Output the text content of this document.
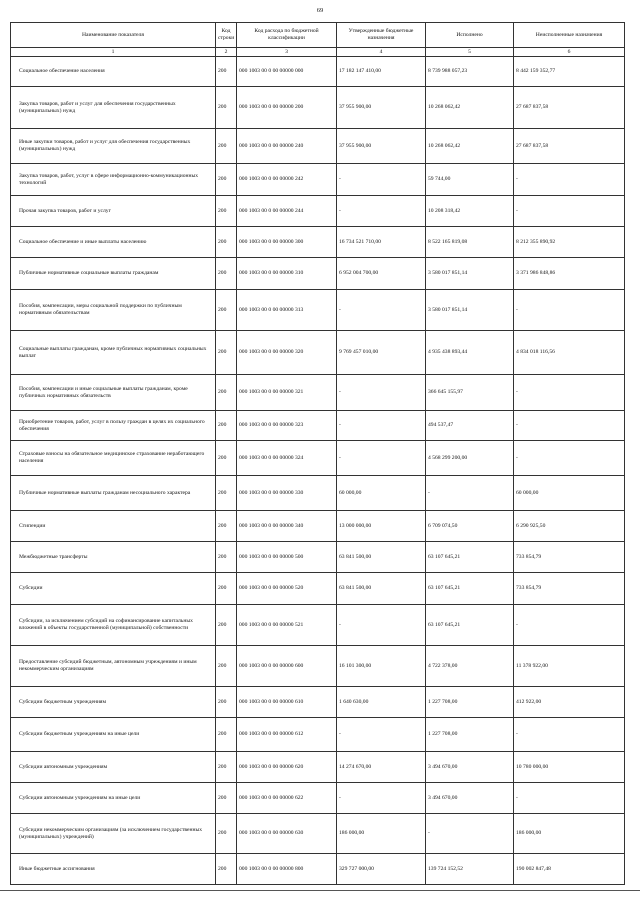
69
Наименование показателя	Код строки	Код расхода по бюджетной классификации	Утвержденные бюджетные назначения	Исполнено	Неисполненные назначения
1	2	3	4	5	6
Социальное обеспечение населения	200	000 1003 00 0 00 00000 000	17 182 147 410,00	8 739 988 057,23	8 442 159 352,77
Закупка товаров, работ и услуг для обеспечения государственных (муниципальных) нужд	200	000 1003 00 0 00 00000 200	37 955 900,00	10 268 062,42	27 687 837,58
Иные закупки товаров, работ и услуг для обеспечения государственных (муниципальных) нужд	200	000 1003 00 0 00 00000 240	37 955 900,00	10 268 062,42	27 687 837,58
Закупка товаров, работ, услуг в сфере информационно-коммуникационных технологий	200	000 1003 00 0 00 00000 242	-	59 744,00	-
Прочая закупка товаров, работ и услуг	200	000 1003 00 0 00 00000 244	-	10 208 318,42	-
Социальное обеспечение и иные выплаты населению	200	000 1003 00 0 00 00000 300	16 734 521 710,00	8 522 165 819,08	8 212 355 890,92
Публичные нормативные социальные выплаты гражданам	200	000 1003 00 0 00 00000 310	6 952 004 700,00	3 580 017 851,14	3 371 986 848,86
Пособия, компенсации, меры социальной поддержки по публичным нормативным обязательствам	200	000 1003 00 0 00 00000 313	-	3 580 017 851,14	-
Социальные выплаты гражданам, кроме публичных нормативных социальных выплат	200	000 1003 00 0 00 00000 320	9 769 457 010,00	4 935 438 893,44	4 834 018 116,56
Пособия, компенсации и иные социальные выплаты гражданам, кроме публичных нормативных обязательств	200	000 1003 00 0 00 00000 321	-	366 645 155,97	-
Приобретение товаров, работ, услуг в пользу граждан в целях их социального обеспечения	200	000 1003 00 0 00 00000 323	-	494 537,47	-
Страховые взносы на обязательное медицинское страхование неработающего населения	200	000 1003 00 0 00 00000 324	-	4 568 299 200,00	-
Публичные нормативные выплаты гражданам несоциального характера	200	000 1003 00 0 00 00000 330	60 000,00	-	60 000,00
Стипендии	200	000 1003 00 0 00 00000 340	13 000 000,00	6 709 074,50	6 290 925,50
Межбюджетные трансферты	200	000 1003 00 0 00 00000 500	63 841 500,00	63 107 645,21	733 854,79
Субсидии	200	000 1003 00 0 00 00000 520	63 841 500,00	63 107 645,21	733 854,79
Субсидии, за исключением субсидий на софинансирование капитальных вложений в объекты государственной (муниципальной) собственности	200	000 1003 00 0 00 00000 521	-	63 107 645,21	-
Предоставление субсидий бюджетным, автономным учреждениям и иным некоммерческим организациям	200	000 1003 00 0 00 00000 600	16 101 300,00	4 722 378,00	11 378 922,00
Субсидии бюджетным учреждениям	200	000 1003 00 0 00 00000 610	1 640 630,00	1 227 708,00	412 922,00
Субсидии бюджетным учреждениям на иные цели	200	000 1003 00 0 00 00000 612	-	1 227 708,00	-
Субсидии автономным учреждениям	200	000 1003 00 0 00 00000 620	14 274 670,00	3 494 670,00	10 780 000,00
Субсидии автономным учреждениям на иные цели	200	000 1003 00 0 00 00000 622	-	3 494 670,00	-
Субсидии некоммерческим организациям (за исключением государственных (муниципальных) учреждений)	200	000 1003 00 0 00 00000 630	186 000,00	-	186 000,00
Иные бюджетные ассигнования	200	000 1003 00 0 00 00000 800	329 727 000,00	139 724 152,52	190 002 847,48
